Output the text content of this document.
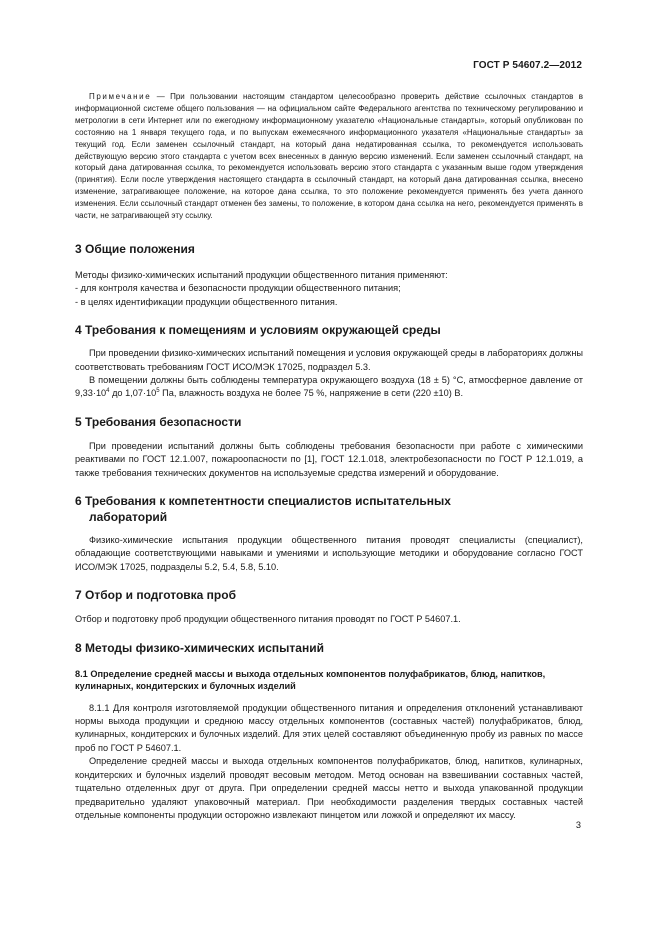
ГОСТ Р 54607.2—2012

Примечание — При пользовании настоящим стандартом целесообразно проверить действие ссылочных стандартов в информационной системе общего пользования — на официальном сайте Федерального агентства по техническому регулированию и метрологии в сети Интернет или по ежегодному информационному указателю «Национальные стандарты», который опубликован по состоянию на 1 января текущего года, и по выпускам ежемесячного информационного указателя «Национальные стандарты» за текущий год. Если заменен ссылочный стандарт, на который дана недатированная ссылка, то рекомендуется использовать действующую версию этого стандарта с учетом всех внесенных в данную версию изменений. Если заменен ссылочный стандарт, на который дана датированная ссылка, то рекомендуется использовать версию этого стандарта с указанным выше годом утверждения (принятия). Если после утверждения настоящего стандарта в ссылочный стандарт, на который дана датированная ссылка, внесено изменение, затрагивающее положение, на которое дана ссылка, то это положение рекомендуется применять без учета данного изменения. Если ссылочный стандарт отменен без замены, то положение, в котором дана ссылка на него, рекомендуется применять в части, не затрагивающей эту ссылку.

3 Общие положения

Методы физико-химических испытаний продукции общественного питания применяют:

- для контроля качества и безопасности продукции общественного питания;

- в целях идентификации продукции общественного питания.

4 Требования к помещениям и условиям окружающей среды

При проведении физико-химических испытаний помещения и условия окружающей среды в лабораториях должны соответствовать требованиям ГОСТ ИСО/МЭК 17025, подраздел 5.3.

В помещении должны быть соблюдены температура окружающего воздуха (18 ± 5) °С, атмосферное давление от $9,33\cdot 10^4$ до $1,07\cdot 10^5$ Па, влажность воздуха не более 75 %, напряжение в сети (220 ±10) В.

5 Требования безопасности

При проведении испытаний должны быть соблюдены требования безопасности при работе с химическими реактивами по ГОСТ 12.1.007, пожароопасности по [1], ГОСТ 12.1.018, электробезопасности по ГОСТ Р 12.1.019, а также требования технических документов на используемые средства измерений и оборудование.

6 Требования к компетентности специалистов испытательных
лабораторий

Физико-химические испытания продукции общественного питания проводят специалисты (специалист), обладающие соответствующими навыками и умениями и использующие методики и оборудование согласно ГОСТ ИСО/МЭК 17025, подразделы 5.2, 5.4, 5.8, 5.10.

7 Отбор и подготовка проб

Отбор и подготовку проб продукции общественного питания проводят по ГОСТ Р 54607.1.

8 Методы физико-химических испытаний
8.1 Определение средней массы и выхода отдельных компонентов полуфабрикатов, блюд, напитков, кулинарных, кондитерских и булочных изделий

8.1.1 Для контроля изготовляемой продукции общественного питания и определения отклонений устанавливают нормы выхода продукции и среднюю массу отдельных компонентов (составных частей) полуфабрикатов, блюд, кулинарных, кондитерских и булочных изделий. Для этих целей составляют объединенную пробу из равных по массе проб по ГОСТ Р 54607.1.

Определение средней массы и выхода отдельных компонентов полуфабрикатов, блюд, напитков, кулинарных, кондитерских и булочных изделий проводят весовым методом. Метод основан на взвешивании составных частей, тщательно отделенных друг от друга. При определении средней массы нетто и выхода упакованной продукции предварительно удаляют упаковочный материал. При необходимости разделения твердых составных частей отдельные компоненты продукции осторожно извлекают пинцетом или ложкой и определяют их массу.

3
